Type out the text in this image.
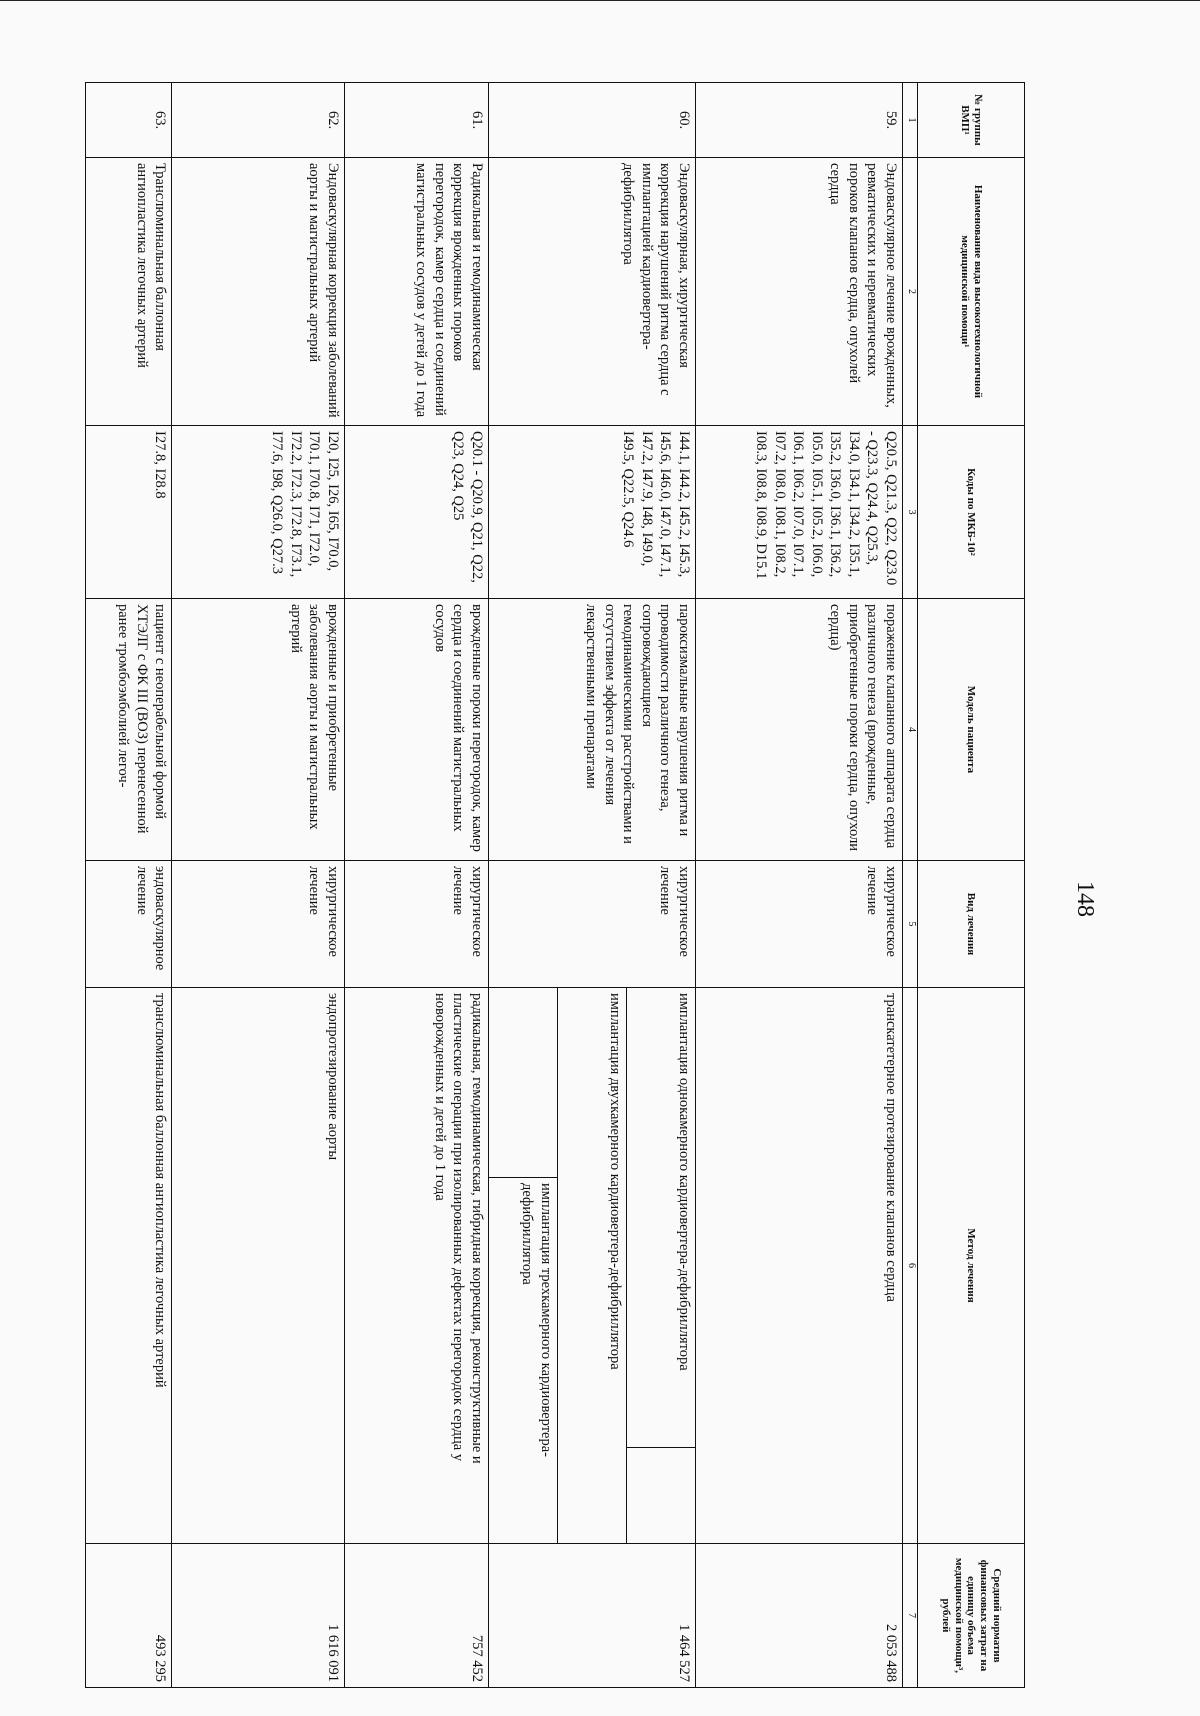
148
№ группы ВМП¹	Наименование вида высокотехнологичной медицинской помощи¹	Коды по МКБ-10²	Модель пациента	Вид лечения	Метод лечения			Средний норматив финансовых затрат на единицу объема медицинской помощи³, рублей
1	2	3	4	5	6			7
59.	Эндоваскулярное лечение врожденных, ревматических и неревматических пороков клапанов сердца, опухолей сердца	Q20.5, Q21.3, Q22, Q23.0 - Q23.3, Q24.4, Q25.3, I34.0, I34.1, I34.2, I35.1, I35.2, I36.0, I36.1, I36.2, I05.0, I05.1, I05.2, I06.0, I06.1, I06.2, I07.0, I07.1, I07.2, I08.0, I08.1, I08.2, I08.3, I08.8, I08.9, D15.1	поражение клапанного аппарата сердца различного генеза (врожденные, приобретенные пороки сердца, опухоли сердца)	хирургическое лечение	транскатетерное протезирование клапанов сердца			2 053 488
60.	Эндоваскулярная, хирургическая коррекция нарушений ритма сердца с имплантацией кардиовертера-дефибриллятора	I44.1, I44.2, I45.2, I45.3, I45.6, I46.0, I47.0, I47.1, I47.2, I47.9, I48, I49.0, I49.5, Q22.5, Q24.6	пароксизмальные нарушения ритма и проводимости различного генеза, сопровождающиеся гемодинамическими расстройствами и отсутствием эффекта от лечения лекарственными препаратами	хирургическое лечение	имплантация однокамерного кардиовертера-дефибриллятора			1 464 527
					имплантация двухкамерного кардиовертера-дефибриллятора			
						имплантация трехкамерного кардиовертера-дефибриллятора		
61.	Радикальная и гемодинамическая коррекция врожденных пороков перегородок, камер сердца и соединений магистральных сосудов у детей до 1 года	Q20.1 - Q20.9, Q21, Q22, Q23, Q24, Q25	врожденные пороки перегородок, камер сердца и соединений магистральных сосудов	хирургическое лечение	радикальная, гемодинамическая, гибридная коррекция, реконструктивные и пластические операции при изолированных дефектах перегородок сердца у новорожденных и детей до 1 года			757 452
62.	Эндоваскулярная коррекция заболеваний аорты и магистральных артерий	I20, I25, I26, I65, I70.0, I70.1, I70.8, I71, I72.0, I72.2, I72.3, I72.8, I73.1, I77.6, I98, Q26.0, Q27.3	врожденные и приобретенные заболевания аорты и магистральных артерий	хирургическое лечение	эндопротезирование аорты			1 616 091
63.	Транслюминальная баллонная ангиопластика легочных артерий	I27.8, I28.8	пациент с неоперабельной формой ХТЭЛГ с ФК III (ВОЗ) перенесенной ранее тромбоэмболией легоч-	эндоваскулярное лечение	транслюминальная баллонная ангиопластика легочных артерий			493 295
